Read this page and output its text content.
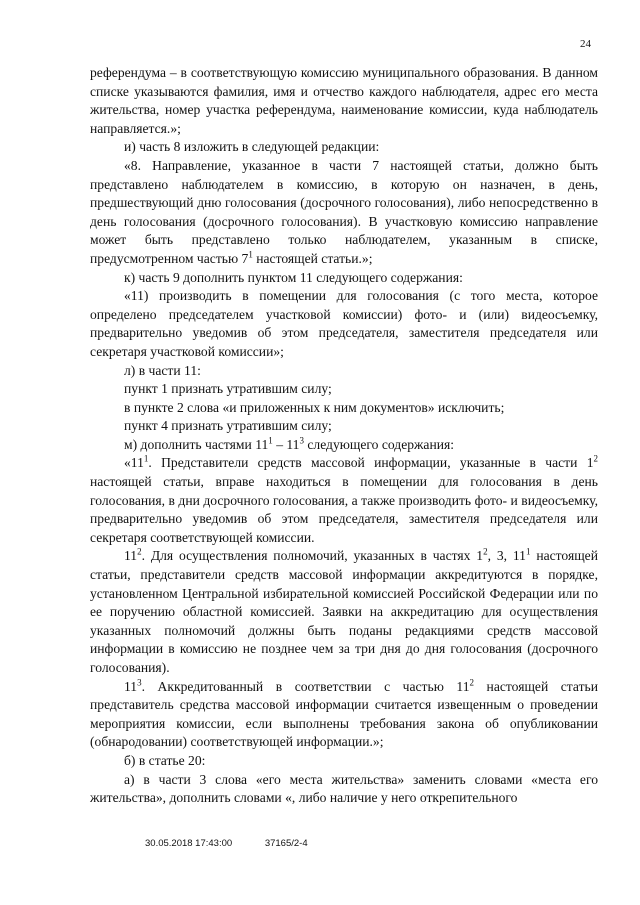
24

референдума – в соответствующую комиссию муниципального образования. В данном списке указываются фамилия, имя и отчество каждого наблюдателя, адрес его места жительства, номер участка референдума, наименование комиссии, куда наблюдатель направляется.»;

и) часть 8 изложить в следующей редакции:

«8. Направление, указанное в части 7 настоящей статьи, должно быть представлено наблюдателем в комиссию, в которую он назначен, в день, предшествующий дню голосования (досрочного голосования), либо непосредственно в день голосования (досрочного голосования). В участковую комиссию направление может быть представлено только наблюдателем, указанным в списке, предусмотренном частью $7^1$ настоящей статьи.»;

к) часть 9 дополнить пунктом 11 следующего содержания:

«11) производить в помещении для голосования (с того места, которое определено председателем участковой комиссии) фото- и (или) видеосъемку, предварительно уведомив об этом председателя, заместителя председателя или секретаря участковой комиссии»;

л) в части 11:

пункт 1 признать утратившим силу;

в пункте 2 слова «и приложенных к ним документов» исключить;

пункт 4 признать утратившим силу;

м) дополнить частями $11^1 - 11^3$ следующего содержания:

«$11^1$. Представители средств массовой информации, указанные в части $1^2$ настоящей статьи, вправе находиться в помещении для голосования в день голосования, в дни досрочного голосования, а также производить фото- и видеосъемку, предварительно уведомив об этом председателя, заместителя председателя или секретаря соответствующей комиссии.

$11^2$. Для осуществления полномочий, указанных в частях $1^2$, 3, $11^1$ настоящей статьи, представители средств массовой информации аккредитуются в порядке, установленном Центральной избирательной комиссией Российской Федерации или по ее поручению областной комиссией. Заявки на аккредитацию для осуществления указанных полномочий должны быть поданы редакциями средств массовой информации в комиссию не позднее чем за три дня до дня голосования (досрочного голосования).

$11^3$. Аккредитованный в соответствии с частью $11^2$ настоящей статьи представитель средства массовой информации считается извещенным о проведении мероприятия комиссии, если выполнены требования закона об опубликовании (обнародовании) соответствующей информации.»;

б) в статье 20:

а) в части 3 слова «его места жительства» заменить словами «места его жительства», дополнить словами «, либо наличие у него открепительного

30.05.2018 17:43:00	37165/2-4
